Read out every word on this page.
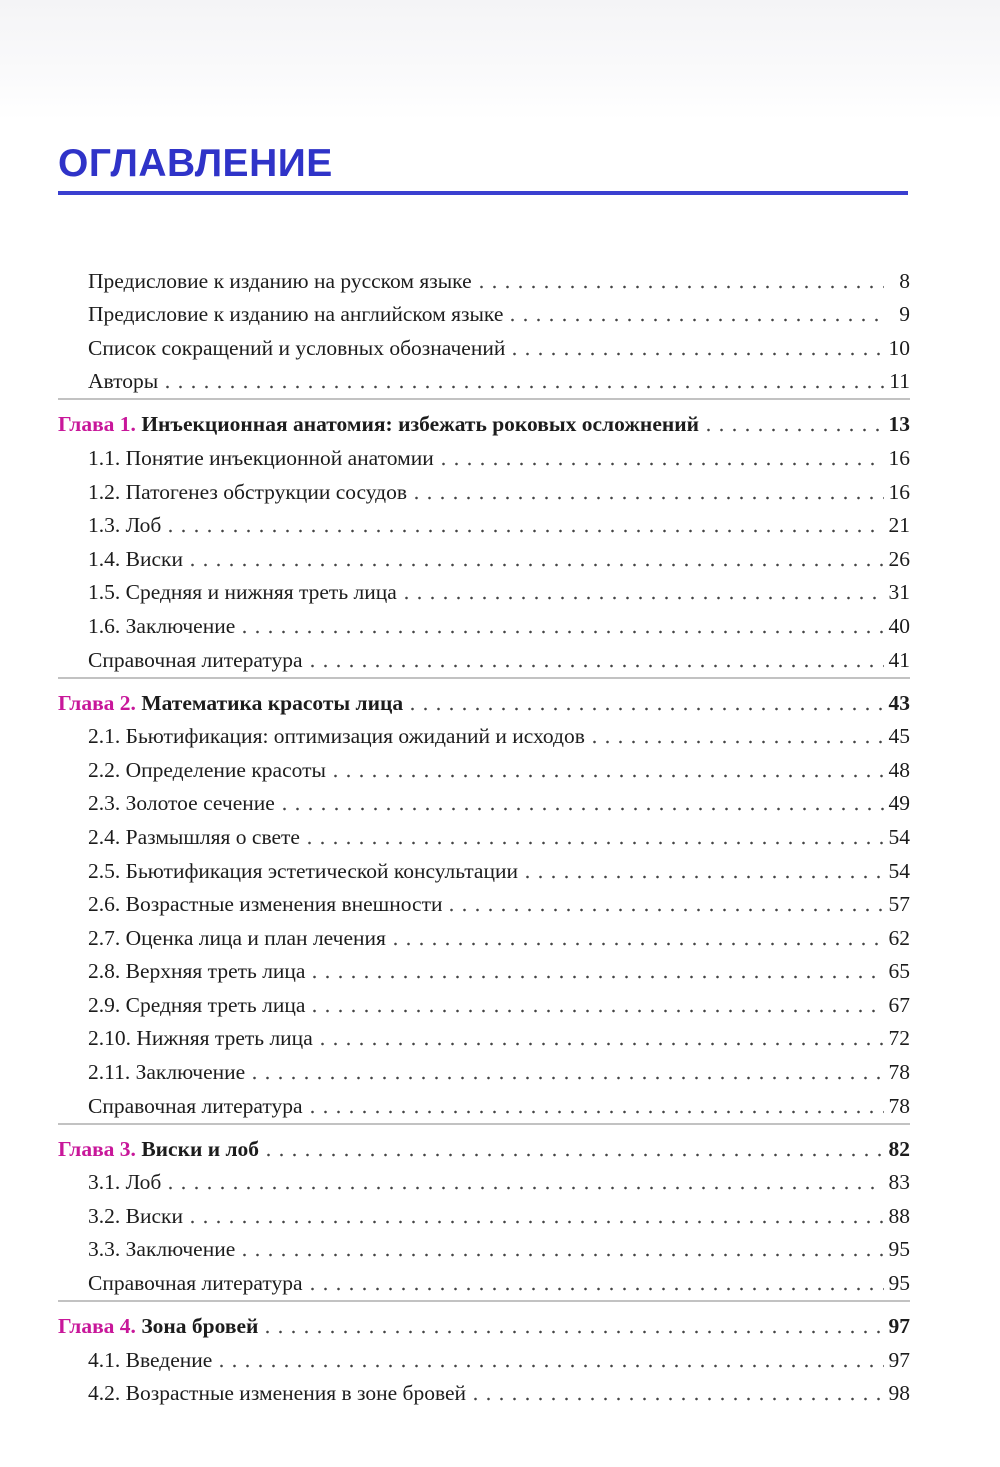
ОГЛАВЛЕНИЕ
Предисловие к изданию на русском языке	8
Предисловие к изданию на английском языке	9
Список сокращений и условных обозначений	10
Авторы	11
Глава 1. Инъекционная анатомия: избежать роковых осложнений	13
1.1. Понятие инъекционной анатомии	16
1.2. Патогенез обструкции сосудов	16
1.3. Лоб	21
1.4. Виски	26
1.5. Средняя и нижняя треть лица	31
1.6. Заключение	40
Справочная литература	41
Глава 2. Математика красоты лица	43
2.1. Бьютификация: оптимизация ожиданий и исходов	45
2.2. Определение красоты	48
2.3. Золотое сечение	49
2.4. Размышляя о свете	54
2.5. Бьютификация эстетической консультации	54
2.6. Возрастные изменения внешности	57
2.7. Оценка лица и план лечения	62
2.8. Верхняя треть лица	65
2.9. Средняя треть лица	67
2.10. Нижняя треть лица	72
2.11. Заключение	78
Справочная литература	78
Глава 3. Виски и лоб	82
3.1. Лоб	83
3.2. Виски	88
3.3. Заключение	95
Справочная литература	95
Глава 4. Зона бровей	97
4.1. Введение	97
4.2. Возрастные изменения в зоне бровей	98
